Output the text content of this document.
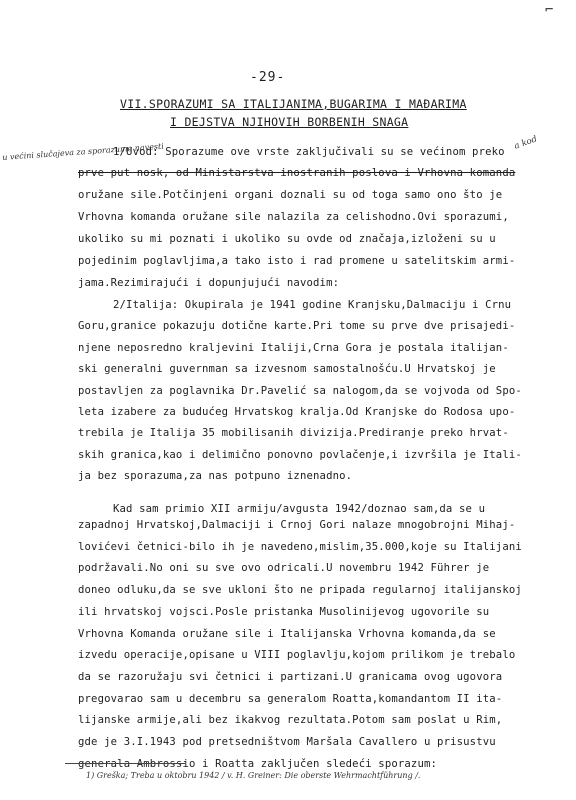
⌐
-29-
VII.SPORAZUMI SA ITALIJANIMA,BUGARIMA I MAĐARIMA
I DEJSTVA NJIHOVIH BORBENIH SNAGA
u većini slučajeva za sporazume navesti	a kod
1/Uvod: Sporazume ove vrste zaključivali su se većinom preko
prve put nosk, od Ministarstva inostranih poslova i Vrhovna komanda
oružane sile.Potčinjeni organi doznali su od toga samo ono što je
Vrhovna komanda oružane sile nalazila za celishodno.Ovi sporazumi,
ukoliko su mi poznati i ukoliko su ovde od značaja,izloženi su u
pojedinim poglavljima,a tako isto i rad promene u satelitskim armi-
jama.Rezimirajući i dopunjujući navodim:
2/Italija: Okupirala je 1941 godine Kranjsku,Dalmaciju i Crnu
Goru,granice pokazuju dotične karte.Pri tome su prve dve prisajedi-
njene neposredno kraljevini Italiji,Crna Gora je postala italijan-
ski generalni guvernman sa izvesnom samostalnošću.U Hrvatskoj je
postavljen za poglavnika Dr.Pavelić sa nalogom,da se vojvoda od Spo-
leta izabere za budućeg Hrvatskog kralja.Od Kranjske do Rodosa upo-
trebila je Italija 35 mobilisanih divizija.Prediranje preko hrvat-
skih granica,kao i delimično ponovno povlačenje,i izvršila je Itali-
ja bez sporazuma,za nas potpuno iznenadno.
Kad sam primio XII armiju/avgusta 1942/doznao sam,da se u
zapadnoj Hrvatskoj,Dalmaciji i Crnoj Gori nalaze mnogobrojni Mihaj-
lovićevi četnici-bilo ih je navedeno,mislim,35.000,koje su Italijani
podržavali.No oni su sve ovo odricali.U novembru 1942 Führer je
doneo odluku,da se sve ukloni što ne pripada regularnoj italijanskoj
ili hrvatskoj vojsci.Posle pristanka Musolinijevog ugovorile su
Vrhovna Komanda oružane sile i Italijanska Vrhovna komanda,da se
izvedu operacije,opisane u VIII poglavlju,kojom prilikom je trebalo
da se razoružaju svi četnici i partizani.U granicama ovog ugovora
pregovarao sam u decembru sa generalom Roatta,komandantom II ita-
lijanske armije,ali bez ikakvog rezultata.Potom sam poslat u Rim,
gde je 3.I.1943 pod pretsedništvom Maršala Cavallero u prisustvu
generala Ambrossio i Roatta zaključen sledeći sporazum:
1) Greška; Treba u oktobru 1942 / v. H. Greiner: Die oberste Wehrmachtführung /.
